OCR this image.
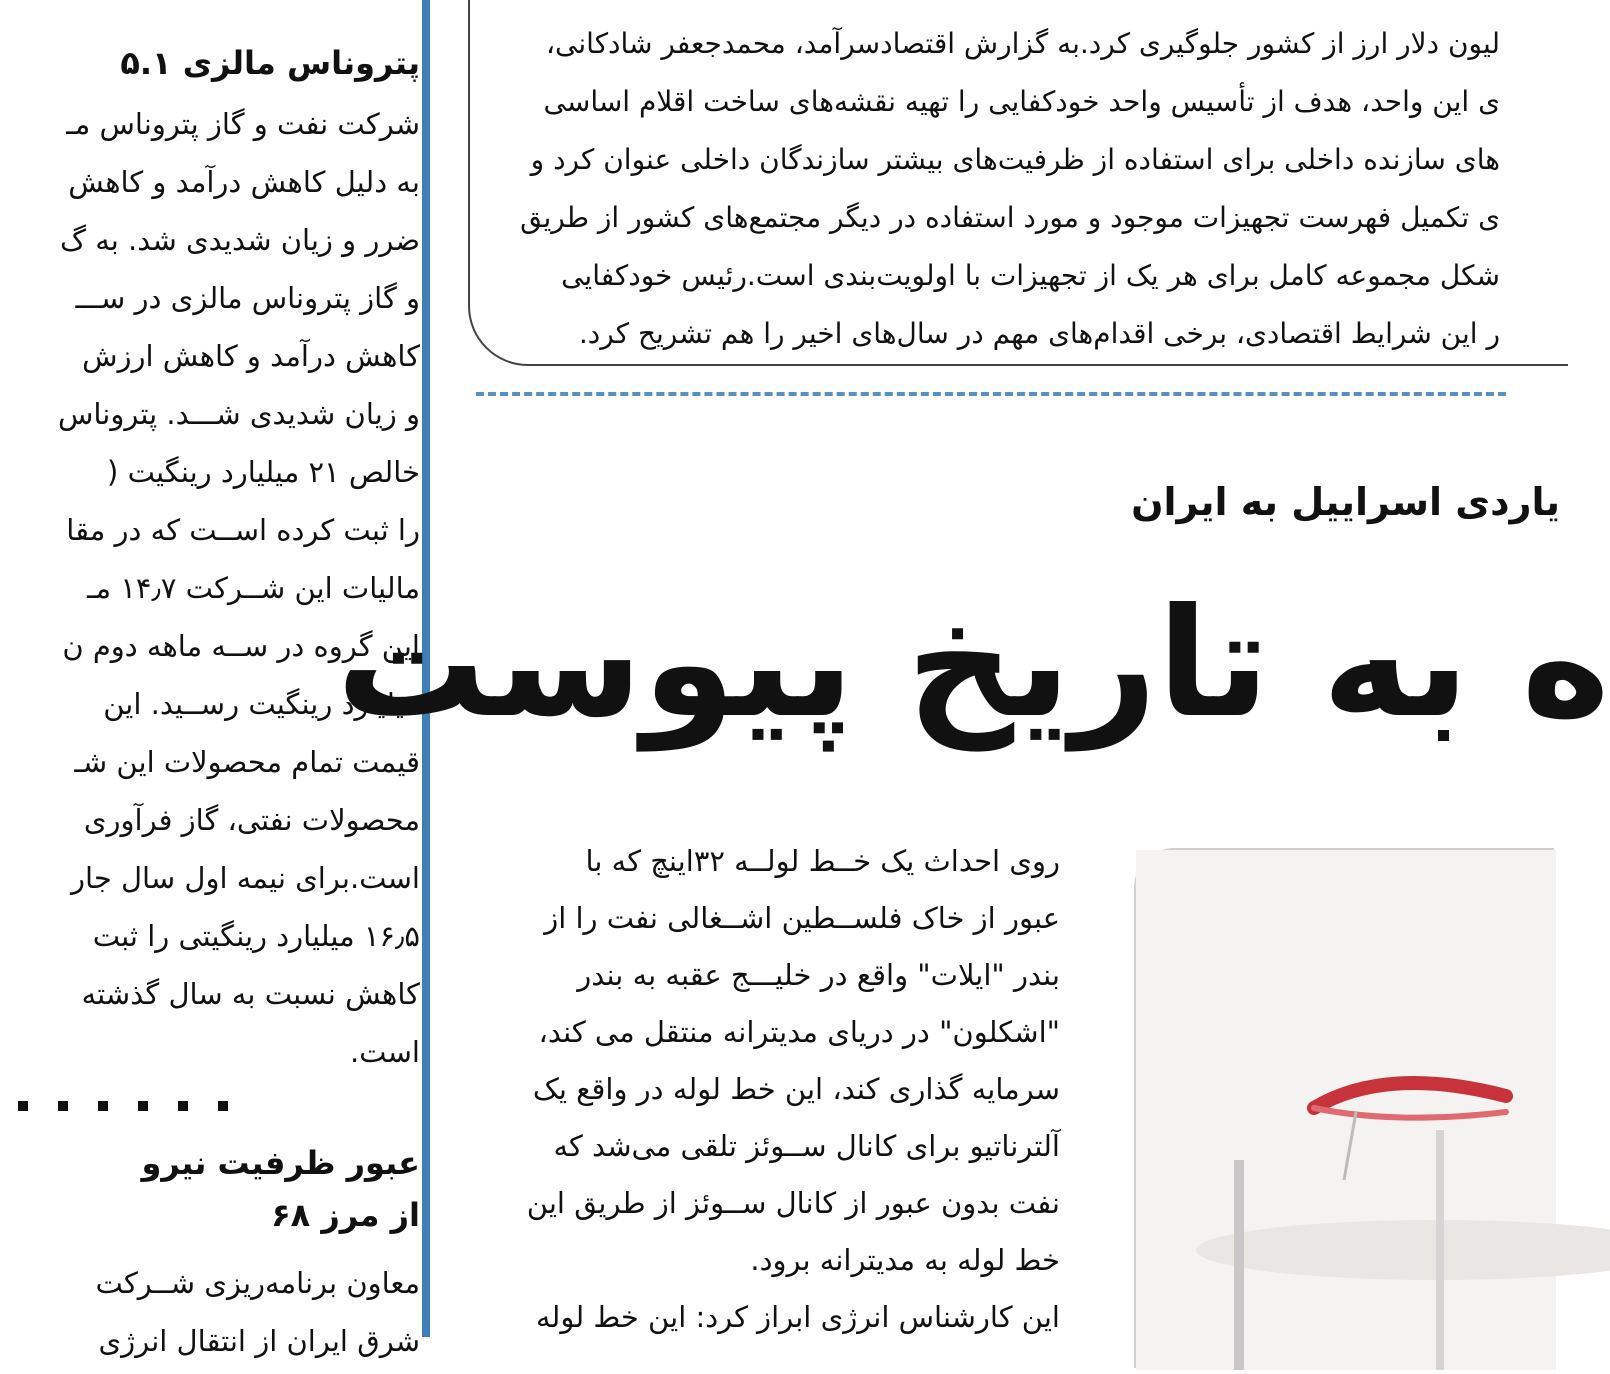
پتروناس مالزی ۵.۱
شرکت نفت و گاز پتروناس مـ
به دلیل کاهش درآمد و کاهش
ضرر و زیان شدیدی شد. به گ
و گاز پتروناس مالزی در ســـ
کاهش درآمد و کاهش ارزش
و زیان شدیدی شـــد. پتروناس
خالص ۲۱ میلیارد رینگیت (
را ثبت کرده اســت که در مقا
مالیات این شــرکت ۱۴٫۷ مـ
این گروه در ســه ماهه دوم ن
میلیارد رینگیت رســید. این
قیمت تمام محصولات این شـ
محصولات نفتی، گاز فرآوری
است.برای نیمه اول سال جار
۱۶٫۵ میلیارد رینگیتی را ثبت
کاهش نسبت به سال گذشته
است.
عبور ظرفیت نیرو
از مرز ۶۸
معاون برنامه‌ریزی شــرکت
شرق ایران از انتقال انرژی
لیون دلار ارز از کشور جلوگیری کرد.به گزارش اقتصادسرآمد، محمدجعفر شادکانی،
ی این واحد، هدف از تأسیس واحد خودکفایی را تهیه نقشه‌های ساخت اقلام اساسی
های سازنده داخلی برای استفاده از ظرفیت‌های بیشتر سازندگان داخلی عنوان کرد و
ی تکمیل فهرست تجهیزات موجود و مورد استفاده در دیگر مجتمع‌های کشور از طریق
شکل مجموعه کامل برای هر یک از تجهیزات با اولویت‌بندی است.رئیس خودکفایی
ر این شرایط اقتصادی، برخی اقدام‌های مهم در سال‌های اخیر را هم تشریح کرد.
یاردی اسراییل به ایران
ه به تاریخ پیوست
روی احداث یک خــط لولــه ۳۲اینچ که با
عبور از خاک فلســطین اشــغالی نفت را از
بندر "ایلات" واقع در خلیـــج عقبه به بندر
"اشکلون" در دریای مدیترانه منتقل می کند،
سرمایه گذاری کند، این خط لوله در واقع یک
آلترناتیو برای کانال ســوئز تلقی می‌شد که
نفت بدون عبور از کانال ســوئز از طریق این
خط لوله به مدیترانه برود.
این کارشناس انرژی ابراز کرد: این خط لوله
